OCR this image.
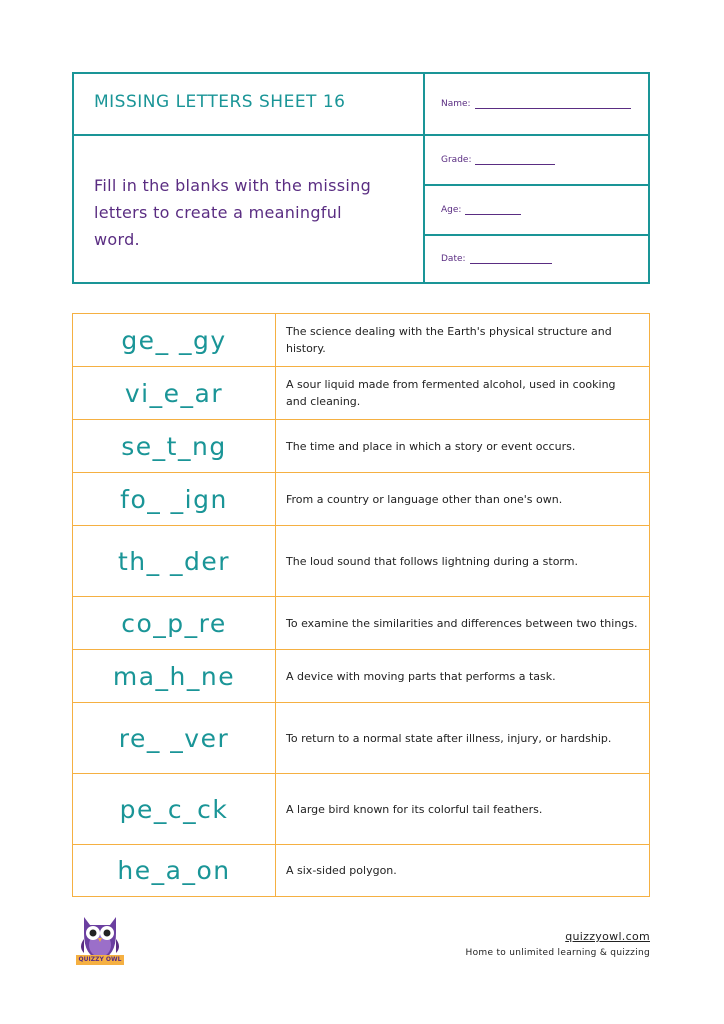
MISSING LETTERS SHEET 16
Fill in the blanks with the missing letters to create a meaningful word.
Name:
Grade:
Age:
Date:
ge_ _gy	The science dealing with the Earth's physical structure and history.
vi_e_ar	A sour liquid made from fermented alcohol, used in cooking and cleaning.
se_t_ng	The time and place in which a story or event occurs.
fo_ _ign	From a country or language other than one's own.
th_ _der	The loud sound that follows lightning during a storm.
co_p_re	To examine the similarities and differences between two things.
ma_h_ne	A device with moving parts that performs a task.
re_ _ver	To return to a normal state after illness, injury, or hardship.
pe_c_ck	A large bird known for its colorful tail feathers.
he_a_on	A six-sided polygon.
QUIZZY OWL
quizzyowl.com
Home to unlimited learning & quizzing
